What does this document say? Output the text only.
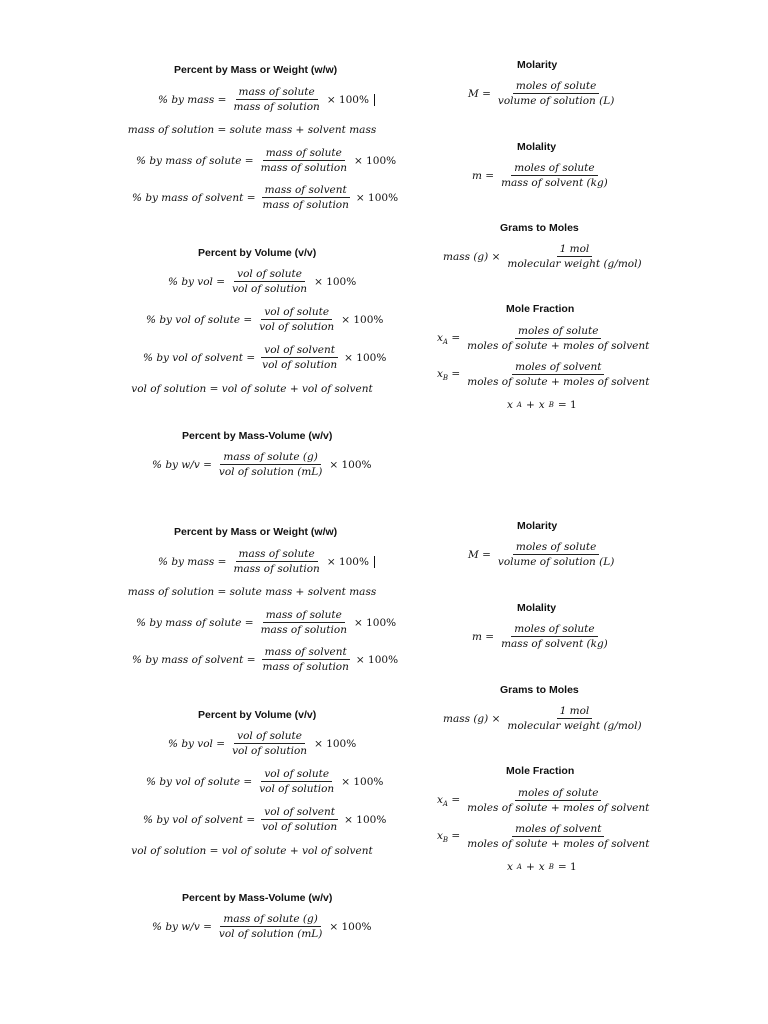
Percent by Mass or Weight (w/w)
% by mass = $\frac{\text{mass of solute}}{\text{mass of solution}} \times 100\%$
mass of solution = solute mass + solvent mass
% by mass of solute = $\frac{\text{mass of solute}}{\text{mass of solution}} \times 100\%$
% by mass of solvent = $\frac{\text{mass of solvent}}{\text{mass of solution}} \times 100\%$
Percent by Volume (v/v)
% by vol = $\frac{\text{vol of solute}}{\text{vol of solution}} \times 100\%$
% by vol of solute = $\frac{\text{vol of solute}}{\text{vol of solution}} \times 100\%$
% by vol of solvent = $\frac{\text{vol of solvent}}{\text{vol of solution}} \times 100\%$
vol of solution = vol of solute + vol of solvent
Percent by Mass-Volume (w/v)
% by $w/v = \frac{\text{mass of solute (g)}}{\text{vol of solution (mL)}} \times 100\%$
Molarity
$M = \frac{\text{moles of solute}}{\text{volume of solution (L)}}$
Molality
$m = \frac{\text{moles of solute}}{\text{mass of solvent (kg)}}$
Grams to Moles
mass $(g) \times \frac{\text{1 mol}}{\text{molecular weight (g/mol)}}$
Mole Fraction
$x_A = \frac{\text{moles of solute}}{\text{moles of solute + moles of solvent}}$
$x_B = \frac{\text{moles of solvent}}{\text{moles of solute + moles of solvent}}$
x A + x B = 1
Percent by Mass or Weight (w/w)
% by mass = $\frac{\text{mass of solute}}{\text{mass of solution}} \times 100\%$
mass of solution = solute mass + solvent mass
% by mass of solute = $\frac{\text{mass of solute}}{\text{mass of solution}} \times 100\%$
% by mass of solvent = $\frac{\text{mass of solvent}}{\text{mass of solution}} \times 100\%$
Percent by Volume (v/v)
% by vol = $\frac{\text{vol of solute}}{\text{vol of solution}} \times 100\%$
% by vol of solute = $\frac{\text{vol of solute}}{\text{vol of solution}} \times 100\%$
% by vol of solvent = $\frac{\text{vol of solvent}}{\text{vol of solution}} \times 100\%$
vol of solution = vol of solute + vol of solvent
Percent by Mass-Volume (w/v)
% by $w/v = \frac{\text{mass of solute (g)}}{\text{vol of solution (mL)}} \times 100\%$
Molarity
$M = \frac{\text{moles of solute}}{\text{volume of solution (L)}}$
Molality
$m = \frac{\text{moles of solute}}{\text{mass of solvent (kg)}}$
Grams to Moles
mass $(g) \times \frac{\text{1 mol}}{\text{molecular weight (g/mol)}}$
Mole Fraction
$x_A = \frac{\text{moles of solute}}{\text{moles of solute + moles of solvent}}$
$x_B = \frac{\text{moles of solvent}}{\text{moles of solute + moles of solvent}}$
x A + x B = 1
